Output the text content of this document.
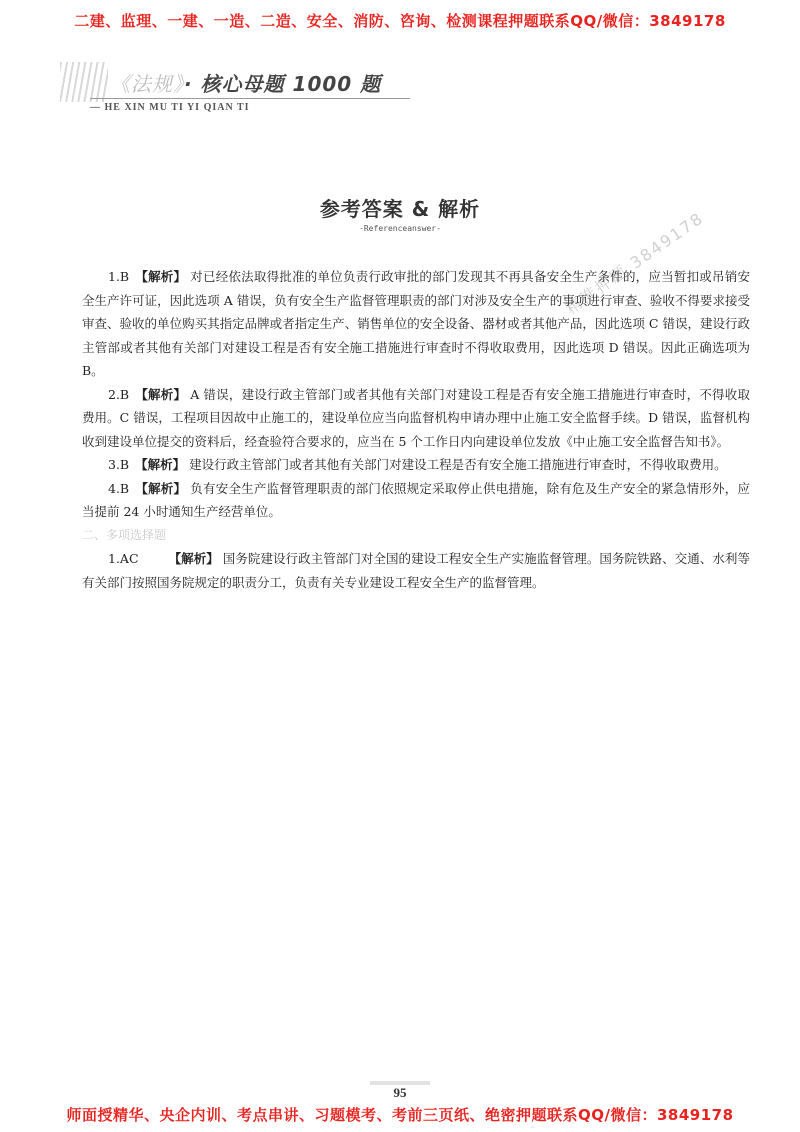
二建、监理、一建、一造、二造、安全、消防、咨询、检测课程押题联系QQ/微信：3849178
《法规》· 核心母题 1000 题
— HE XIN MU TI YI QIAN TI
参考答案 & 解析
-Referenceanswer-

1.B 【解析】 对已经依法取得批准的单位负责行政审批的部门发现其不再具备安全生产条件的，应当暂扣或吊销安全生产许可证，因此选项 A 错误，负有安全生产监督管理职责的部门对涉及安全生产的事项进行审查、验收不得要求接受审查、验收的单位购买其指定品牌或者指定生产、销售单位的安全设备、器材或者其他产品，因此选项 C 错误，建设行政主管部或者其他有关部门对建设工程是否有安全施工措施进行审查时不得收取费用，因此选项 D 错误。因此正确选项为 B。

2.B 【解析】 A 错误，建设行政主管部门或者其他有关部门对建设工程是否有安全施工措施进行审查时，不得收取费用。C 错误，工程项目因故中止施工的，建设单位应当向监督机构申请办理中止施工安全监督手续。D 错误，监督机构收到建设单位提交的资料后，经查验符合要求的，应当在 5 个工作日内向建设单位发放《中止施工安全监督告知书》。

3.B 【解析】 建设行政主管部门或者其他有关部门对建设工程是否有安全施工措施进行审查时，不得收取费用。

4.B 【解析】 负有安全生产监督管理职责的部门依照规定采取停止供电措施，除有危及生产安全的紧急情形外，应当提前 24 小时通知生产经营单位。

二、多项选择题

1.AC 【解析】 国务院建设行政主管部门对全国的建设工程安全生产实施监督管理。国务院铁路、交通、水利等有关部门按照国务院规定的职责分工，负责有关专业建设工程安全生产的监督管理。

精准押题 3849178
95
师面授精华、央企内训、考点串讲、习题模考、考前三页纸、绝密押题联系QQ/微信：3849178
